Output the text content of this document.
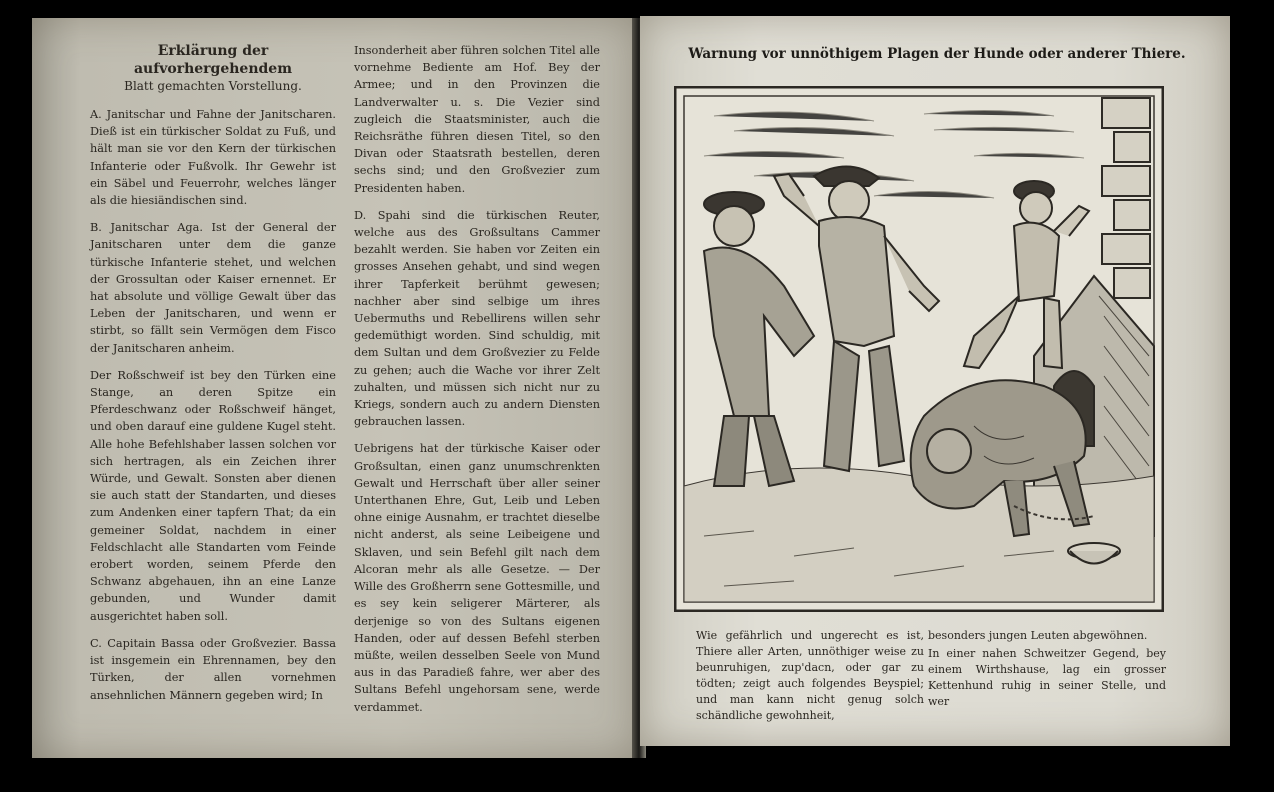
Erklärung der aufvorhergehendem
Blatt gemachten Vorstellung.

A. Janitschar und Fahne der Janitscharen. Dieß ist ein türkischer Soldat zu Fuß, und hält man sie vor den Kern der türkischen Infanterie oder Fußvolk. Ihr Gewehr ist ein Säbel und Feuerrohr, welches länger als die hiesiändischen sind.

B. Janitschar Aga. Ist der General der Janitscharen unter dem die ganze türkische Infanterie stehet, und welchen der Grossultan oder Kaiser ernennet. Er hat absolute und völlige Gewalt über das Leben der Janitscharen, und wenn er stirbt, so fällt sein Vermögen dem Fisco der Janitscharen anheim.

Der Roßschweif ist bey den Türken eine Stange, an deren Spitze ein Pferdeschwanz oder Roßschweif hänget, und oben darauf eine guldene Kugel steht. Alle hohe Befehlshaber lassen solchen vor sich hertragen, als ein Zeichen ihrer Würde, und Gewalt. Sonsten aber dienen sie auch statt der Standarten, und dieses zum Andenken einer tapfern That; da ein gemeiner Soldat, nachdem in einer Feldschlacht alle Standarten vom Feinde erobert worden, seinem Pferde den Schwanz abgehauen, ihn an eine Lanze gebunden, und Wunder damit ausgerichtet haben soll.

C. Capitain Bassa oder Großvezier. Bassa ist insgemein ein Ehrennamen, bey den Türken, der allen vornehmen ansehnlichen Männern gegeben wird; In

Insonderheit aber führen solchen Titel alle vornehme Bediente am Hof. Bey der Armee; und in den Provinzen die Landverwalter u. s. Die Vezier sind zugleich die Staatsminister, auch die Reichsräthe führen diesen Titel, so den Divan oder Staatsrath bestellen, deren sechs sind; und den Großvezier zum Presidenten haben.

D. Spahi sind die türkischen Reuter, welche aus des Großsultans Cammer bezahlt werden. Sie haben vor Zeiten ein grosses Ansehen gehabt, und sind wegen ihrer Tapferkeit berühmt gewesen; nachher aber sind selbige um ihres Uebermuths und Rebellirens willen sehr gedemüthigt worden. Sind schuldig, mit dem Sultan und dem Großvezier zu Felde zu gehen; auch die Wache vor ihrer Zelt zuhalten, und müssen sich nicht nur zu Kriegs, sondern auch zu andern Diensten gebrauchen lassen.

Uebrigens hat der türkische Kaiser oder Großsultan, einen ganz unumschrenkten Gewalt und Herrschaft über aller seiner Unterthanen Ehre, Gut, Leib und Leben ohne einige Ausnahm, er trachtet dieselbe nicht anderst, als seine Leibeigene und Sklaven, und sein Befehl gilt nach dem Alcoran mehr als alle Gesetze. — Der Wille des Großherrn sene Gottesmille, und es sey kein seligerer Märterer, als derjenige so von des Sultans eigenen Handen, oder auf dessen Befehl sterben müßte, weilen desselben Seele von Mund aus in das Paradieß fahre, wer aber des Sultans Befehl ungehorsam sene, werde verdammet.

Warnung vor unnöthigem Plagen der Hunde oder anderer Thiere.

Wie gefährlich und ungerecht es ist, Thiere aller Arten, unnöthiger weise zu beunruhigen, zup'dacn, oder gar zu tödten; zeigt auch folgendes Beyspiel; und man kann nicht genug solch schändliche gewohnheit,

besonders jungen Leuten abgewöhnen.

In einer nahen Schweitzer Gegend, bey einem Wirthshause, lag ein grosser Kettenhund ruhig in seiner Stelle, und wer
